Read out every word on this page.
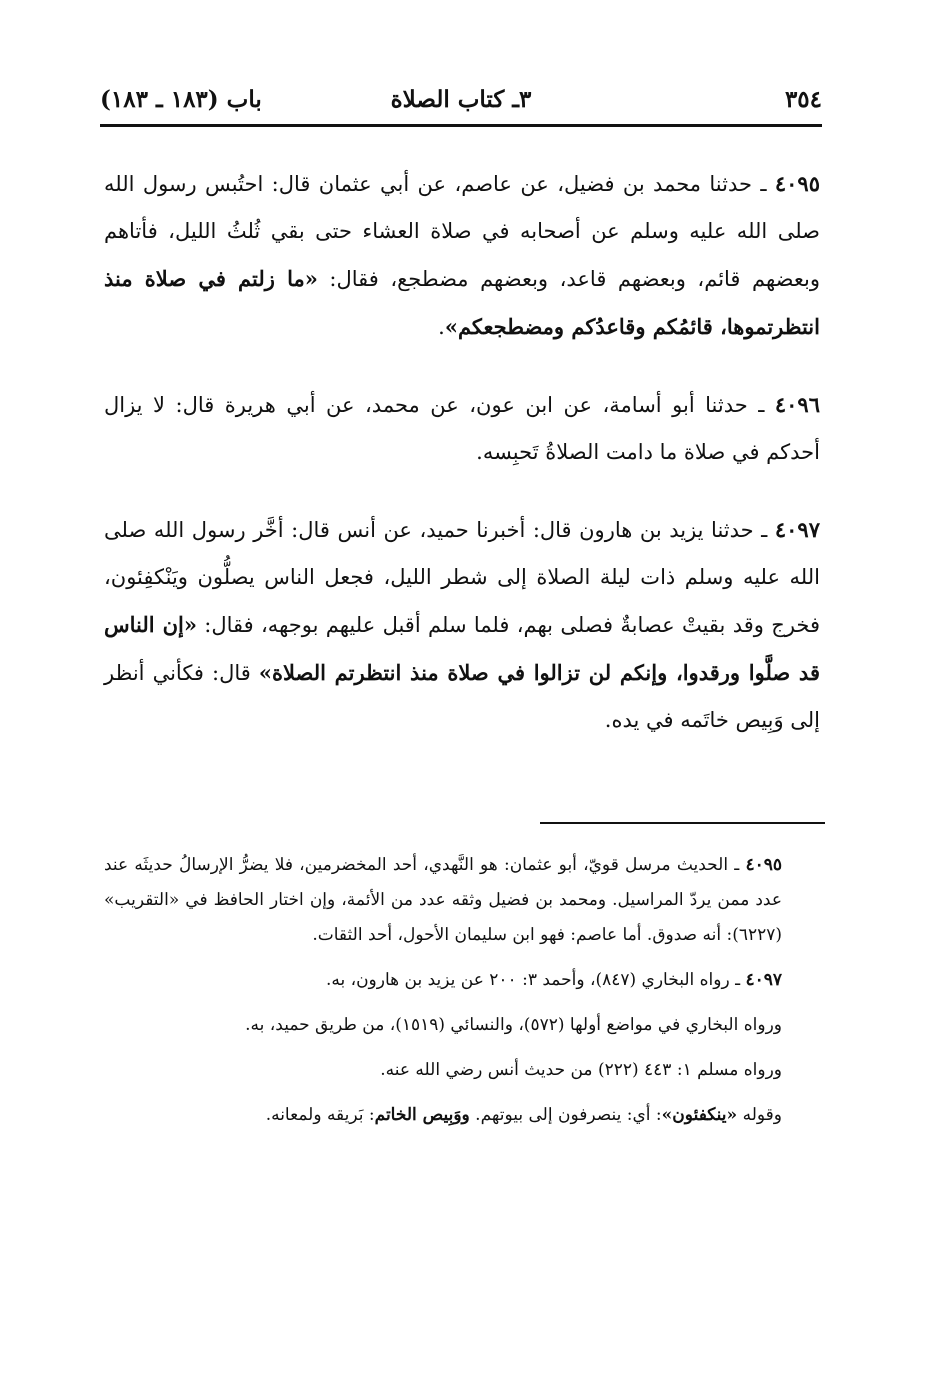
باب (١٨٣ ـ ١٨٣)	٣ـ كتاب الصلاة	٣٥٤

٤٠٩٥ ـ حدثنا محمد بن فضيل، عن عاصم، عن أبي عثمان قال: احتُبس رسول الله صلى الله عليه وسلم عن أصحابه في صلاة العشاء حتى بقي ثُلثُ الليل، فأتاهم وبعضهم قائم، وبعضهم قاعد، وبعضهم مضطجع، فقال: «ما زلتم في صلاة منذ انتظرتموها، قائمُكم وقاعدُكم ومضطجعكم».

٤٠٩٦ ـ حدثنا أبو أسامة، عن ابن عون، عن محمد، عن أبي هريرة قال: لا يزال أحدكم في صلاة ما دامت الصلاةُ تَحبِسه.

٤٠٩٧ ـ حدثنا يزيد بن هارون قال: أخبرنا حميد، عن أنس قال: أخَّر رسول الله صلى الله عليه وسلم ذات ليلة الصلاة إلى شطر الليل، فجعل الناس يصلُّون ويَنْكفِئون، فخرج وقد بقيتْ عصابةٌ فصلى بهم، فلما سلم أقبل عليهم بوجهه، فقال: «إن الناس قد صلَّوا ورقدوا، وإنكم لن تزالوا في صلاة منذ انتظرتم الصلاة» قال: فكأني أنظر إلى وَبِيص خاتَمه في يده.

٤٠٩٥ ـ الحديث مرسل قويّ، أبو عثمان: هو النَّهدي، أحد المخضرمين، فلا يضرُّ الإرسالُ حديثَه عند عدد ممن يردّ المراسيل. ومحمد بن فضيل وثقه عدد من الأئمة، وإن اختار الحافظ في «التقريب» (٦٢٢٧): أنه صدوق. أما عاصم: فهو ابن سليمان الأحول، أحد الثقات.

٤٠٩٧ ـ رواه البخاري (٨٤٧)، وأحمد ٣: ٢٠٠ عن يزيد بن هارون، به.

ورواه البخاري في مواضع أولها (٥٧٢)، والنسائي (١٥١٩)، من طريق حميد، به.

ورواه مسلم ١: ٤٤٣ (٢٢٢) من حديث أنس رضي الله عنه.

وقوله «ينكفئون»: أي: ينصرفون إلى بيوتهم. ووَبِيص الخاتم: بَريقه ولمعانه.
